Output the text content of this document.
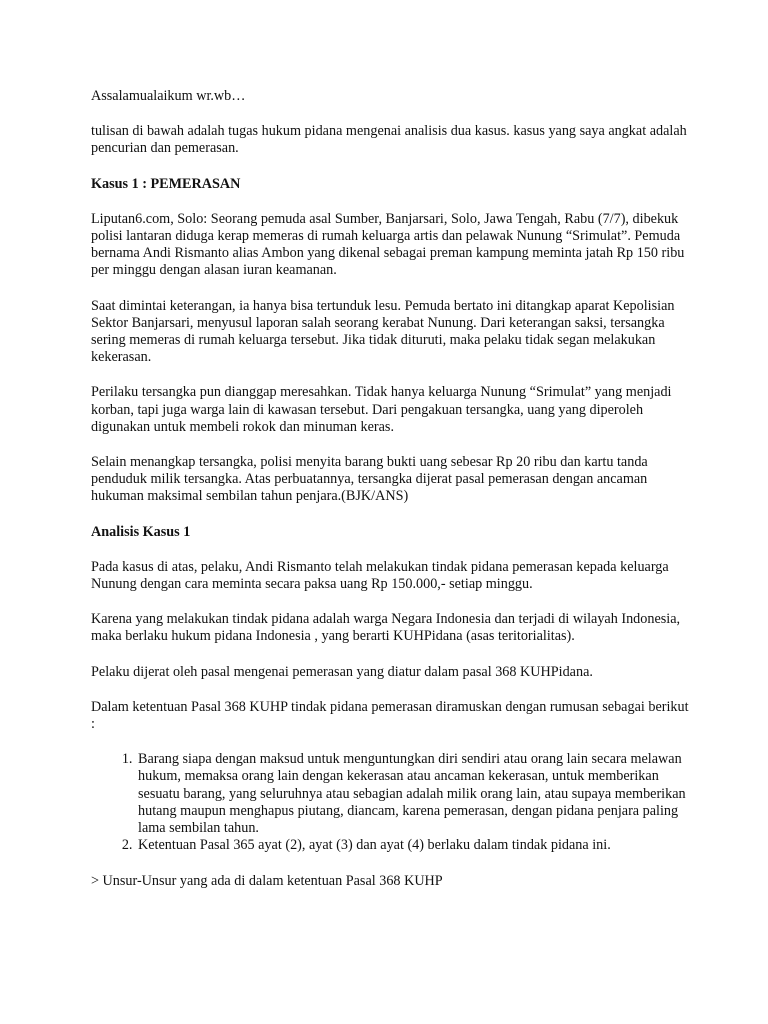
Assalamualaikum wr.wb…

tulisan di bawah adalah tugas hukum pidana mengenai analisis dua kasus. kasus yang saya angkat adalah pencurian dan pemerasan.

Kasus 1 : PEMERASAN

Liputan6.com, Solo: Seorang pemuda asal Sumber, Banjarsari, Solo, Jawa Tengah, Rabu (7/7), dibekuk polisi lantaran diduga kerap memeras di rumah keluarga artis dan pelawak Nunung “Srimulat”. Pemuda bernama Andi Rismanto alias Ambon yang dikenal sebagai preman kampung meminta jatah Rp 150 ribu per minggu dengan alasan iuran keamanan.

Saat dimintai keterangan, ia hanya bisa tertunduk lesu. Pemuda bertato ini ditangkap aparat Kepolisian Sektor Banjarsari, menyusul laporan salah seorang kerabat Nunung. Dari keterangan saksi, tersangka sering memeras di rumah keluarga tersebut. Jika tidak dituruti, maka pelaku tidak segan melakukan kekerasan.

Perilaku tersangka pun dianggap meresahkan. Tidak hanya keluarga Nunung “Srimulat” yang menjadi korban, tapi juga warga lain di kawasan tersebut. Dari pengakuan tersangka, uang yang diperoleh digunakan untuk membeli rokok dan minuman keras.

Selain menangkap tersangka, polisi menyita barang bukti uang sebesar Rp 20 ribu dan kartu tanda penduduk milik tersangka. Atas perbuatannya, tersangka dijerat pasal pemerasan dengan ancaman hukuman maksimal sembilan tahun penjara.(BJK/ANS)

Analisis Kasus 1

Pada kasus di atas, pelaku, Andi Rismanto telah melakukan tindak pidana pemerasan kepada keluarga Nunung dengan cara meminta secara paksa uang Rp 150.000,- setiap minggu.

Karena yang melakukan tindak pidana adalah warga Negara Indonesia dan terjadi di wilayah Indonesia, maka berlaku hukum pidana Indonesia , yang berarti KUHPidana (asas teritorialitas).

Pelaku dijerat oleh pasal mengenai pemerasan yang diatur dalam pasal 368 KUHPidana.

Dalam ketentuan Pasal 368 KUHP tindak pidana pemerasan diramuskan dengan rumusan sebagai berikut :

1. Barang siapa dengan maksud untuk menguntungkan diri sendiri atau orang lain secara melawan hukum, memaksa orang lain dengan kekerasan atau ancaman kekerasan, untuk memberikan sesuatu barang, yang seluruhnya atau sebagian adalah milik orang lain, atau supaya memberikan hutang maupun menghapus piutang, diancam, karena pemerasan, dengan pidana penjara paling lama sembilan tahun.
2. Ketentuan Pasal 365 ayat (2), ayat (3) dan ayat (4) berlaku dalam tindak pidana ini.

> Unsur-Unsur yang ada di dalam ketentuan Pasal 368 KUHP
